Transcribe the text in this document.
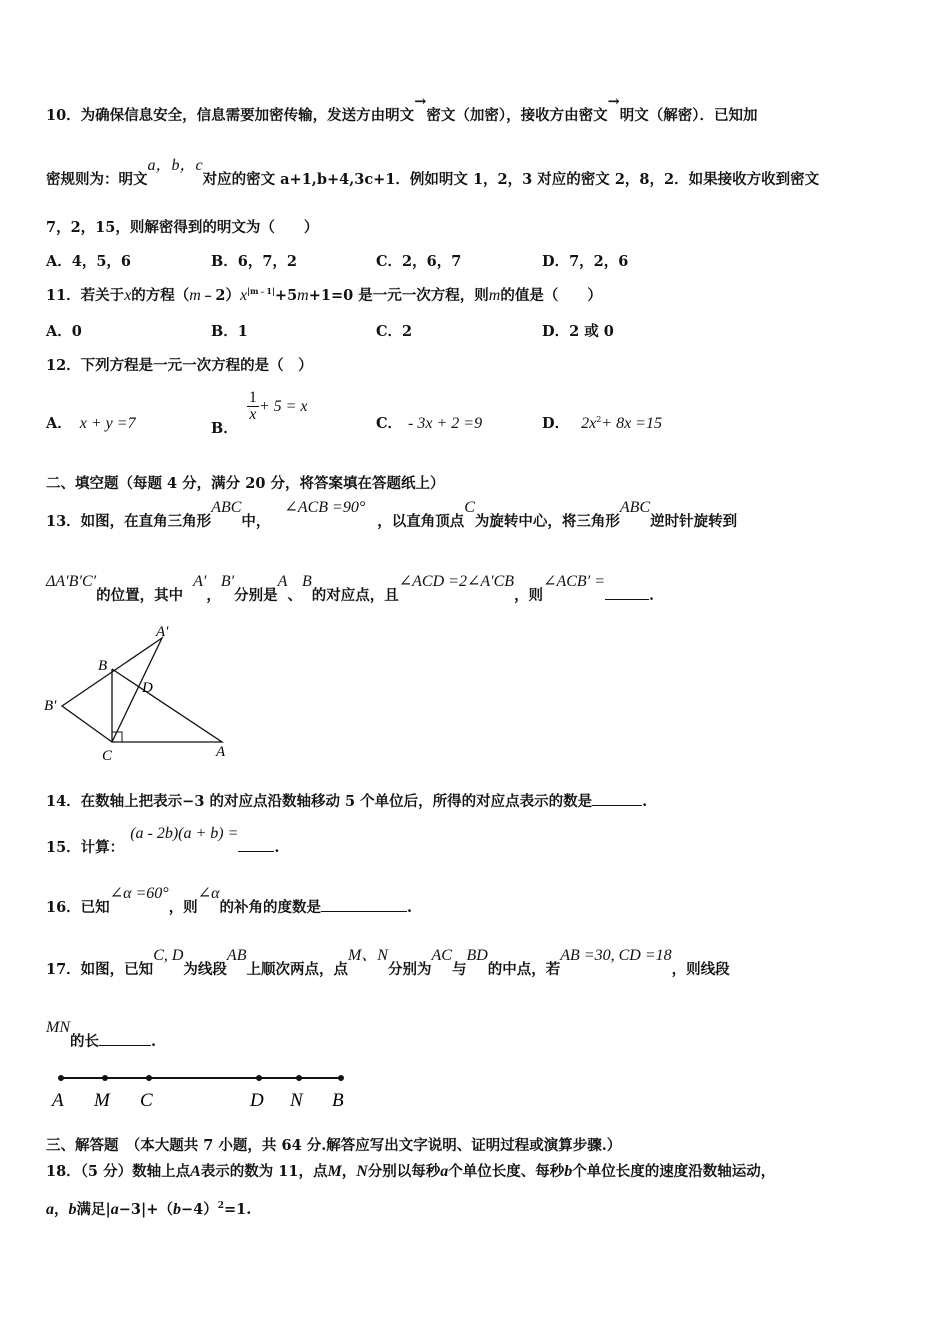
10．为确保信息安全，信息需要加密传输，发送方由明文→密文（加密），接收方由密文→明文（解密）．已知加
密规则为：明文a，b，c对应的密文 a+1,b+4,3c+1．例如明文 1，2，3 对应的密文 2，8，2．如果接收方收到密文
7，2，15，则解密得到的明文为（　　）
A．4，5，6	B．6，7，2	C．2，6，7	D．7，2，6
11．若关于x的方程$(m﹣2)x^{|m﹣1|}+5m+1=0$ 是一元一次方程，则m的值是（　　）
A．0	B．1	C．2	D．2 或 0
12．下列方程是一元一次方程的是（　）
A． x + y =7	B．
$\frac{1}{x} + 5 = x$
C． - 3x + 2 =9	D． $2x^2+ 8x =15$
二、填空题（每题 4 分，满分 20 分，将答案填在答题纸上）
13．如图，在直角三角形ABC中，∠ACB =90°，以直角顶点C为旋转中心，将三角形ABC逆时针旋转到
ΔA′B′C′的位置，其中A′，B′分别是A、B的对应点，且∠ACD =2∠A′CB，则∠ACB′ =.
A′
B
D
B′
C	A
14．在数轴上把表示−3 的对应点沿数轴移动 5 个单位后，所得的对应点表示的数是	.
15．计算：(a - 2b)(a + b) =.
16．已知∠α =60°，则∠α的补角的度数是	.
17．如图，已知C, D为线段AB上顺次两点，点M、N分别为AC与BD的中点，若AB =30, CD =18，则线段
MN的长	.
A M C	D N B
三、解答题　（本大题共 7 小题，共 64 分.解答应写出文字说明、证明过程或演算步骤.）
18．（5 分）数轴上点A表示的数为 11，点M，N分别以每秒a个单位长度、每秒b个单位长度的速度沿数轴运动，
a，b满足$|a-3|+(b-4)^2=1$.
